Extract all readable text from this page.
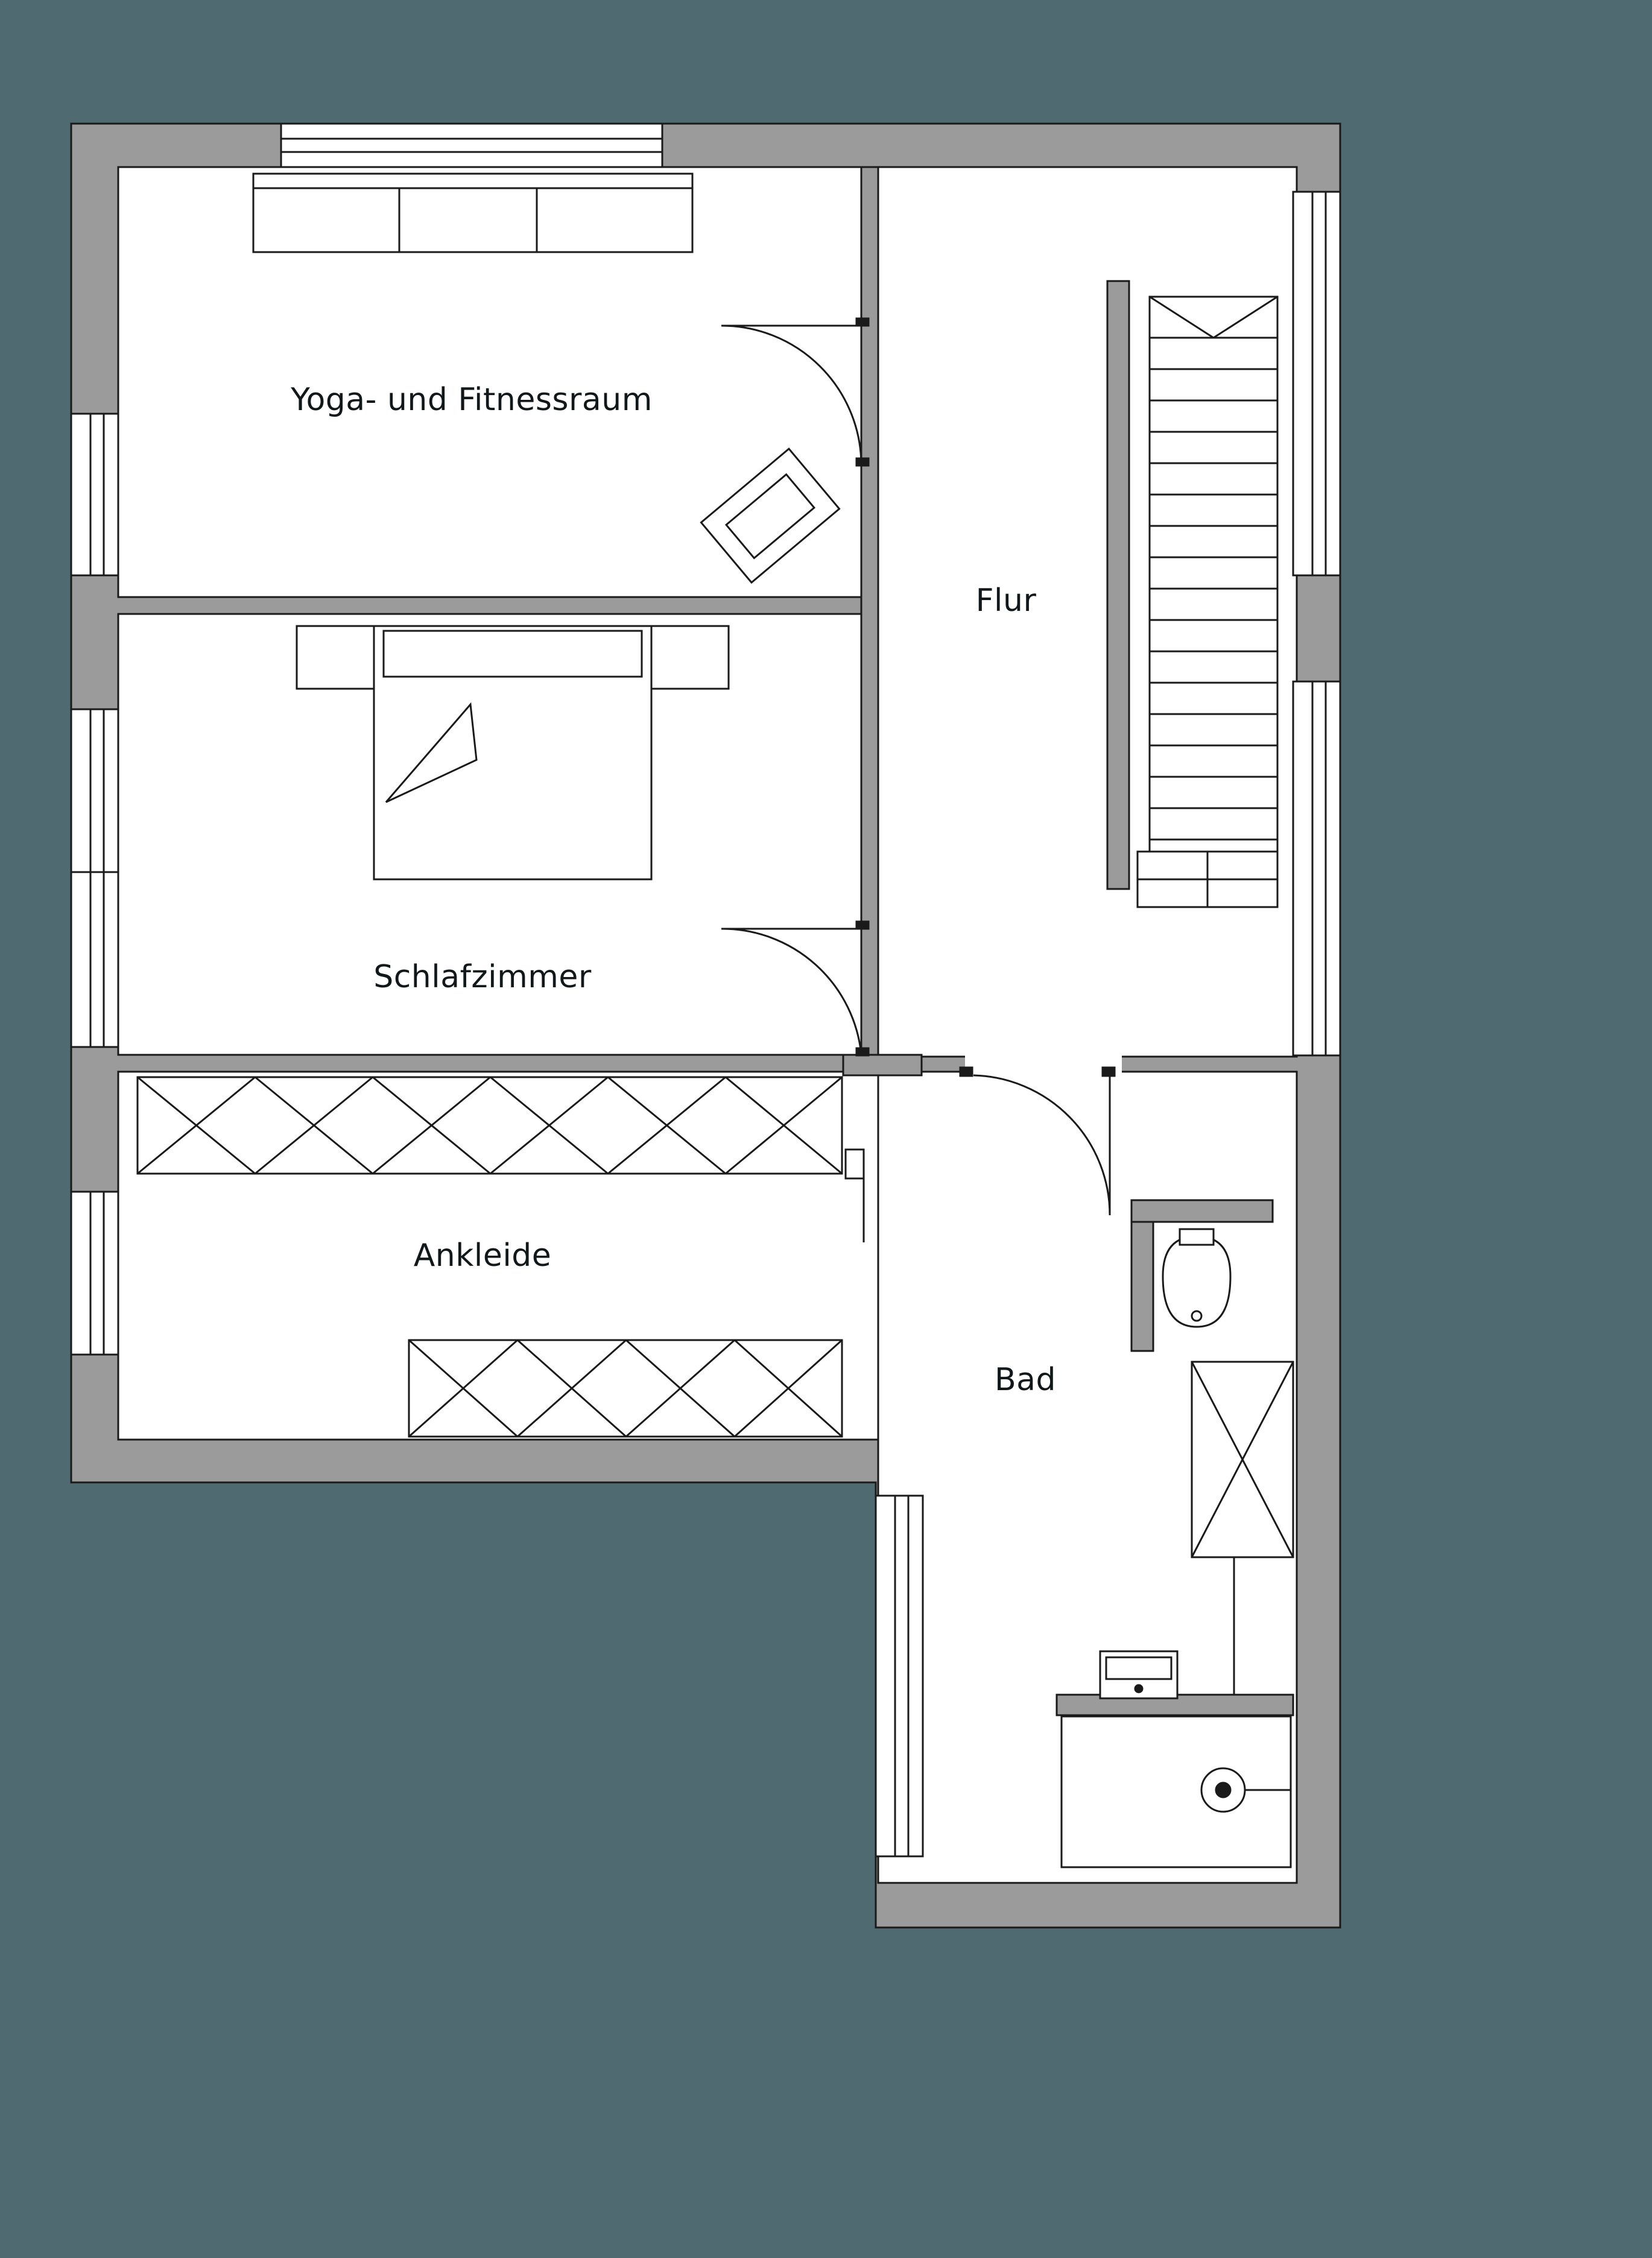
Yoga- und Fitnessraum
Schlafzimmer
Ankleide
Flur
Bad
